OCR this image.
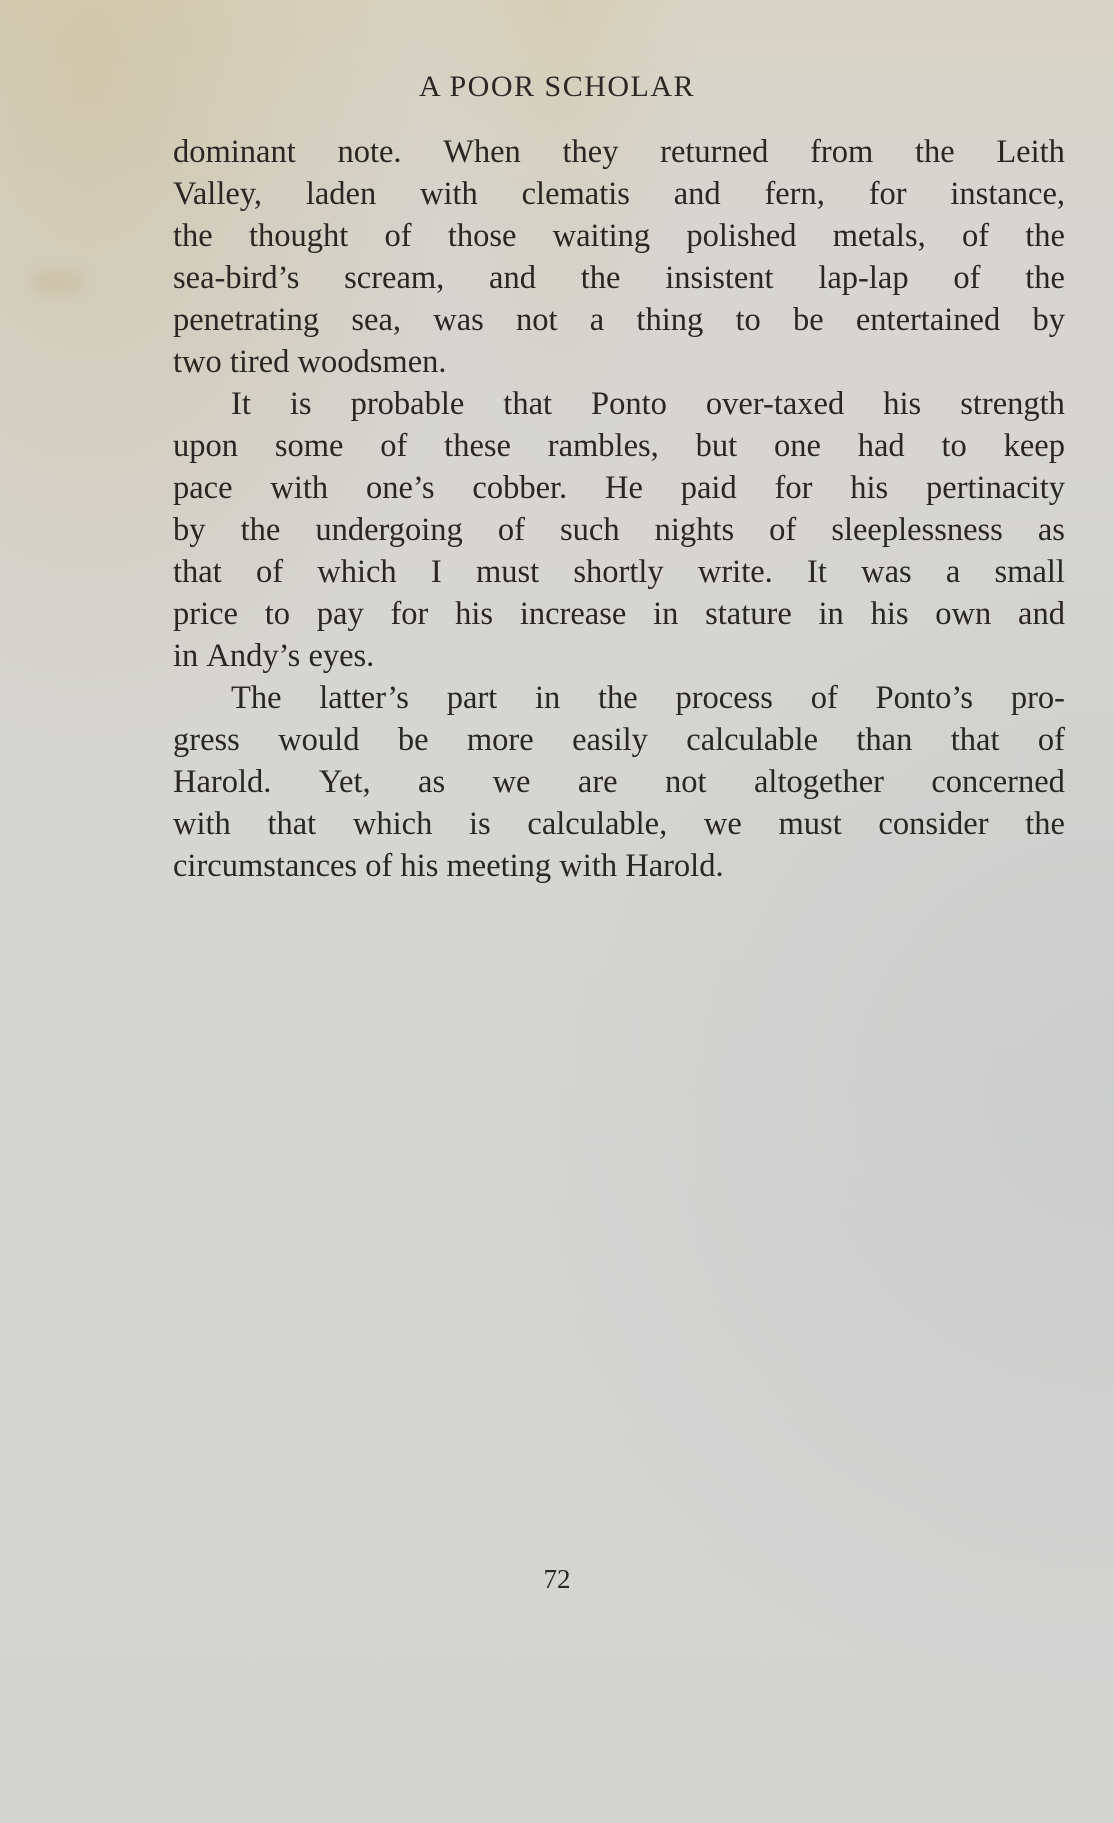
A POOR SCHOLAR
dominant note. When they returned from the Leith
Valley, laden with clematis and fern, for instance,
the thought of those waiting polished metals, of the
sea-bird’s scream, and the insistent lap-lap of the
penetrating sea, was not a thing to be entertained by
two
tired
woodsmen.
It is probable that Ponto over-taxed his strength
upon some of these rambles, but one had to keep
pace with one’s cobber. He paid for his pertinacity
by the undergoing of such nights of sleeplessness as
that of which I must shortly write. It was a small
price to pay for his increase in stature in his own and
in
Andy’s
eyes.
The latter’s part in the process of Ponto’s pro-
gress would be more easily calculable than that of
Harold. Yet, as we are not altogether concerned
with that which is calculable, we must consider the
circumstances
of
his
meeting
with
Harold.
72
